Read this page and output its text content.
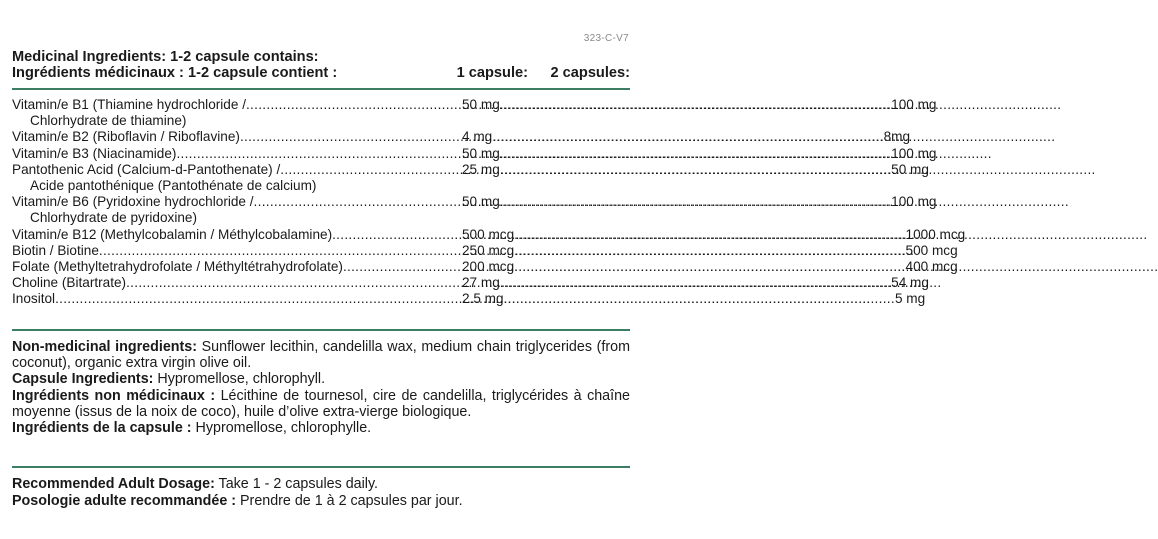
323-C-V7
Medicinal Ingredients: 1-2 capsule contains:
Ingrédients médicinaux : 1-2 capsule contient :	1 capsule:	2 capsules:
Vitamin/e B1 (Thiamine hydrochloride / .....	50 mg .....	100 mg
Chlorhydrate de thiamine)
Vitamin/e B2 (Riboflavin / Riboflavine) .....	4 mg .....	8mg
Vitamin/e B3 (Niacinamide) .....	50 mg .....	100 mg
Pantothenic Acid (Calcium-d-Pantothenate) / .....	25 mg .....	50 mg
Acide pantothénique (Pantothénate de calcium)
Vitamin/e B6 (Pyridoxine hydrochloride / .....	50 mg .....	100 mg
Chlorhydrate de pyridoxine)
Vitamin/e B12 (Methylcobalamin / Méthylcobalamine) .....	500 mcg .....	1000 mcg
Biotin / Biotine .....	250 mcg .....	500 mcg
Folate (Methyltetrahydrofolate / Méthyltétrahydrofolate) .....	200 mcg .....	400 mcg
Choline (Bitartrate) .....	27 mg .....	54 mg
Inositol .....	2.5 mg .....	5 mg

Non-medicinal ingredients: Sunflower lecithin, candelilla wax, medium chain triglycerides (from coconut), organic extra virgin olive oil.

Capsule Ingredients: Hypromellose, chlorophyll.

Ingrédients non médicinaux : Lécithine de tournesol, cire de candelilla, triglycérides à chaîne moyenne (issus de la noix de coco), huile d’olive extra-vierge biologique.

Ingrédients de la capsule : Hypromellose, chlorophylle.

Recommended Adult Dosage: Take 1 - 2 capsules daily.

Posologie adulte recommandée : Prendre de 1 à 2 capsules par jour.
